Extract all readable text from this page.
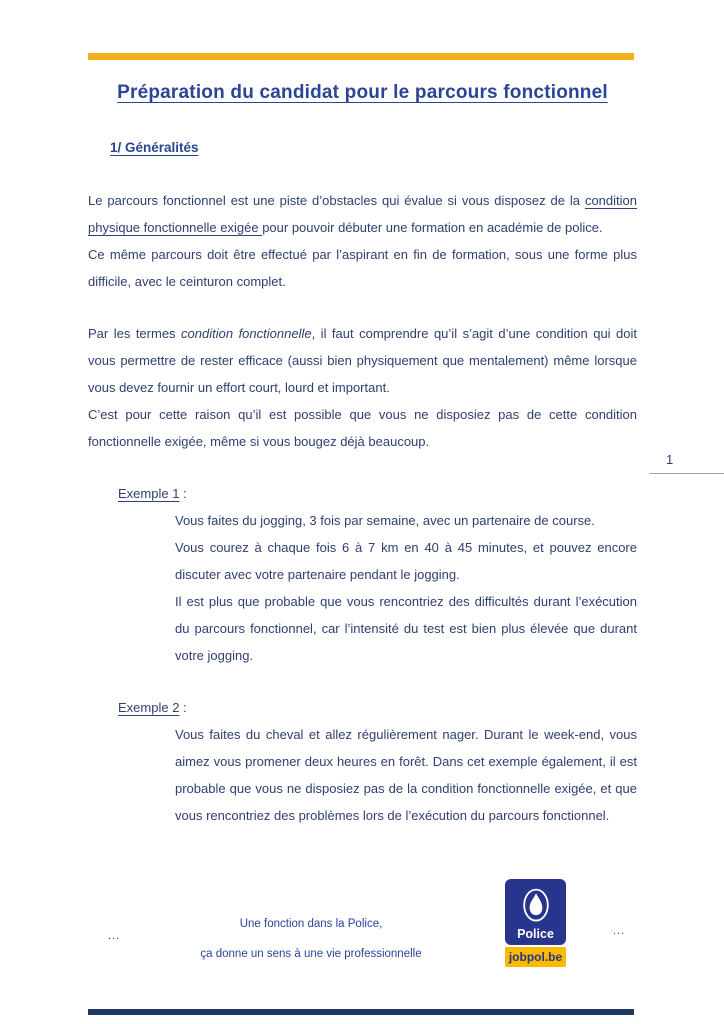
Préparation du candidat pour le parcours fonctionnel
1/ Généralités

Le parcours fonctionnel est une piste d’obstacles qui évalue si vous disposez de la condition physique fonctionnelle exigée pour pouvoir débuter une formation en académie de police.

Ce même parcours doit être effectué par l’aspirant en fin de formation, sous une forme plus difficile, avec le ceinturon complet.

Par les termes condition fonctionnelle, il faut comprendre qu’il s’agit d’une condition qui doit vous permettre de rester efficace (aussi bien physiquement que mentalement) même lorsque vous devez fournir un effort court, lourd et important.

C’est pour cette raison qu’il est possible que vous ne disposiez pas de cette condition fonctionnelle exigée, même si vous bougez déjà beaucoup.

Exemple 1 :

Vous faites du jogging, 3 fois par semaine, avec un partenaire de course.

Vous courez à chaque fois 6 à 7 km en 40 à 45 minutes, et pouvez encore discuter avec votre partenaire pendant le jogging.

Il est plus que probable que vous rencontriez des difficultés durant l’exécution du parcours fonctionnel, car l’intensité du test est bien plus élevée que durant votre jogging.

Exemple 2 :

Vous faites du cheval et allez régulièrement nager. Durant le week-end, vous aimez vous promener deux heures en forêt. Dans cet exemple également, il est probable que vous ne disposiez pas de la condition fonctionnelle exigée, et que vous rencontriez des problèmes lors de l’exécution du parcours fonctionnel.

1
Une fonction dans la Police,
ça donne un sens à une vie professionnelle
...	...
Police
jobpol.be
